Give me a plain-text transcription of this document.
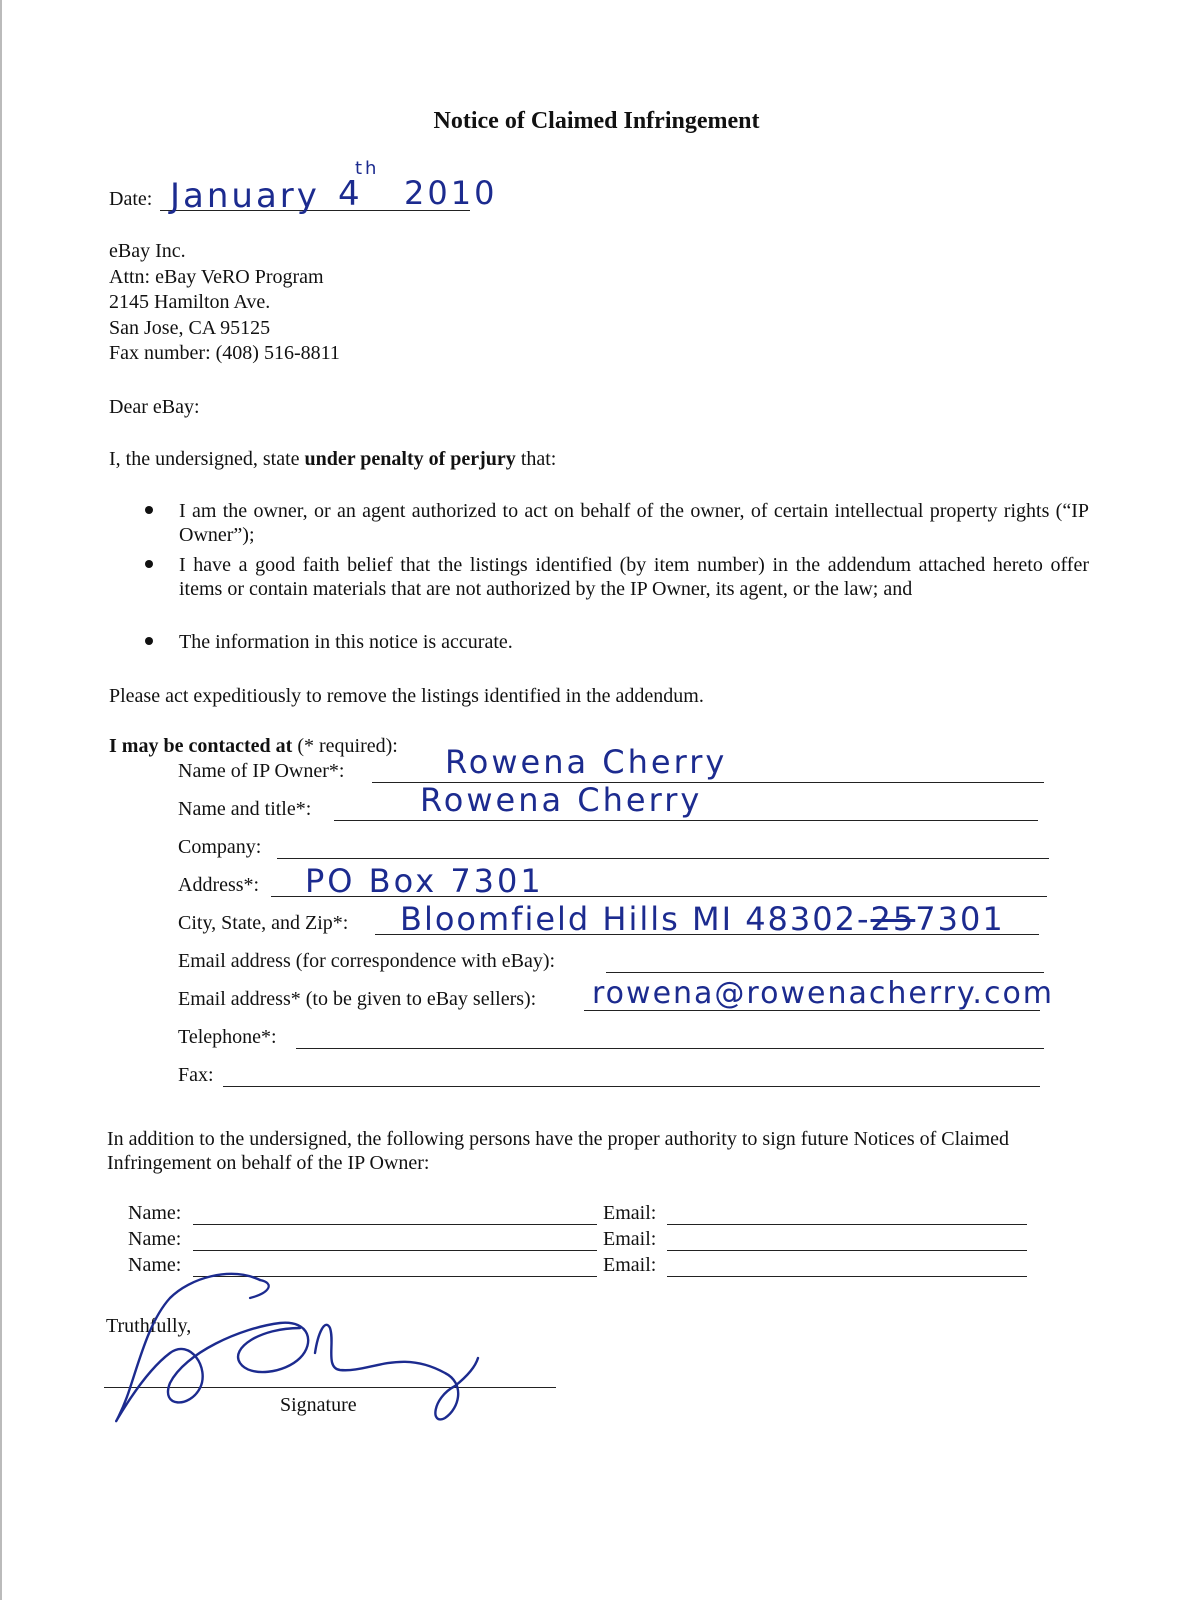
Notice of Claimed Infringement
Date: January 4
th
2010
eBay Inc.
Attn: eBay VeRO Program
2145 Hamilton Ave.
San Jose, CA 95125
Fax number: (408) 516-8811
Dear eBay:
I, the undersigned, state under penalty of perjury that:
I am the owner, or an agent authorized to act on behalf of the owner, of certain intellectual property rights (“IP Owner”);
I have a good faith belief that the listings identified (by item number) in the addendum attached hereto offer items or contain materials that are not authorized by the IP Owner, its agent, or the law; and
The information in this notice is accurate.
Please act expeditiously to remove the listings identified in the addendum.
I may be contacted at (* required):
Name of IP Owner*:	Rowena Cherry
Name and title*:	Rowena Cherry
Company:
Address*: PO Box 7301
City, State, and Zip*: Bloomfield Hills MI 48302-257301
Email address (for correspondence with eBay):
Email address* (to be given to eBay sellers): rowena@rowenacherry.com
Telephone*:
Fax:
In addition to the undersigned, the following persons have the proper authority to sign future Notices of Claimed Infringement on behalf of the IP Owner:
Name:	Email:
Name:	Email:
Name:	Email:
Truthfully,
Signature
